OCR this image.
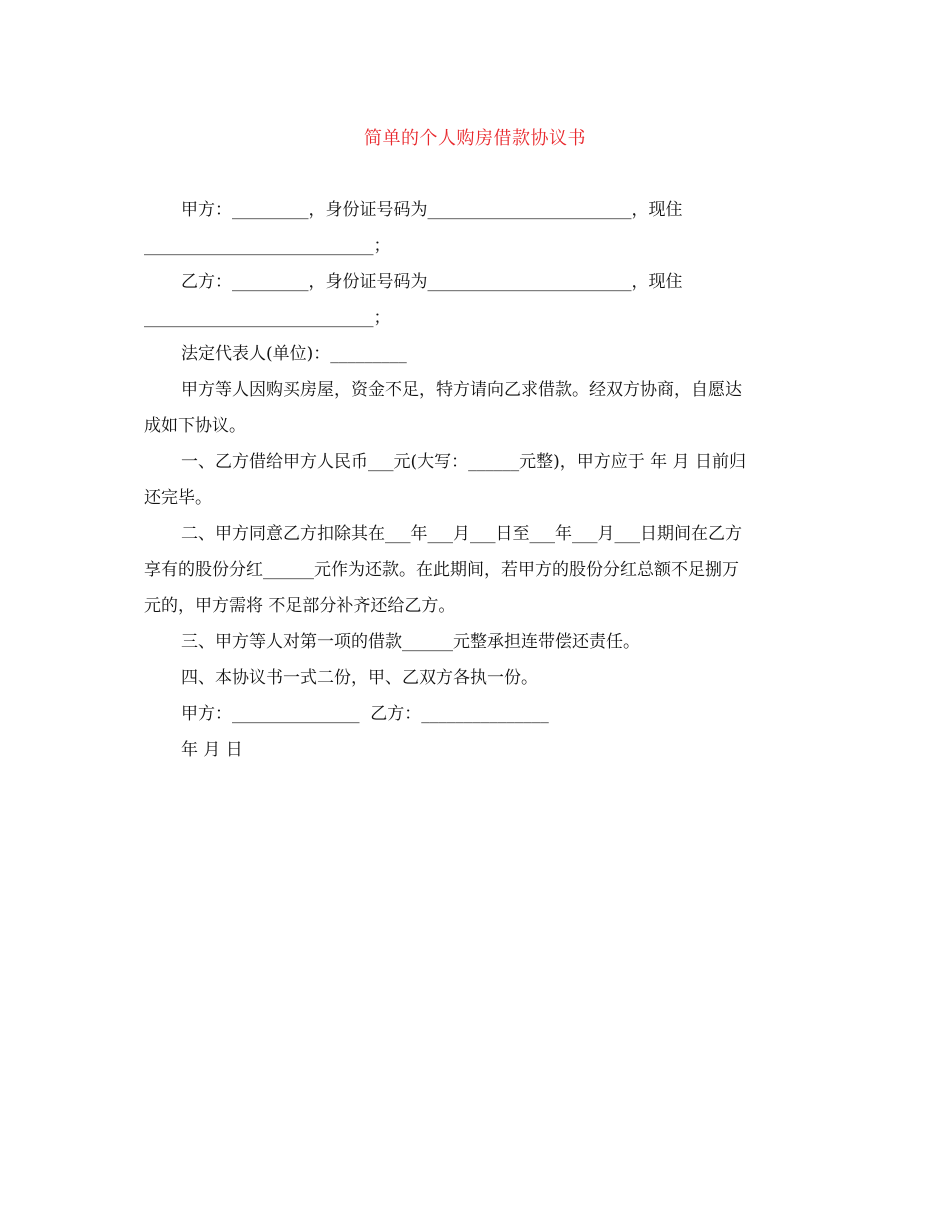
简单的个人购房借款协议书
甲方：_________，身份证号码为________________________，现住
___________________________；
乙方：_________，身份证号码为________________________，现住
___________________________；
法定代表人(单位)：_________
甲方等人因购买房屋，资金不足，特方请向乙求借款。经双方协商，自愿达
成如下协议。
一、乙方借给甲方人民币___元(大写：______元整)，甲方应于 年 月 日前归
还完毕。
二、甲方同意乙方扣除其在___年___月___日至___年___月___日期间在乙方
享有的股份分红______元作为还款。在此期间，若甲方的股份分红总额不足捌万
元的，甲方需将 不足部分补齐还给乙方。
三、甲方等人对第一项的借款______元整承担连带偿还责任。
四、本协议书一式二份，甲、乙双方各执一份。
甲方：_______________  乙方：_______________
年 月 日
